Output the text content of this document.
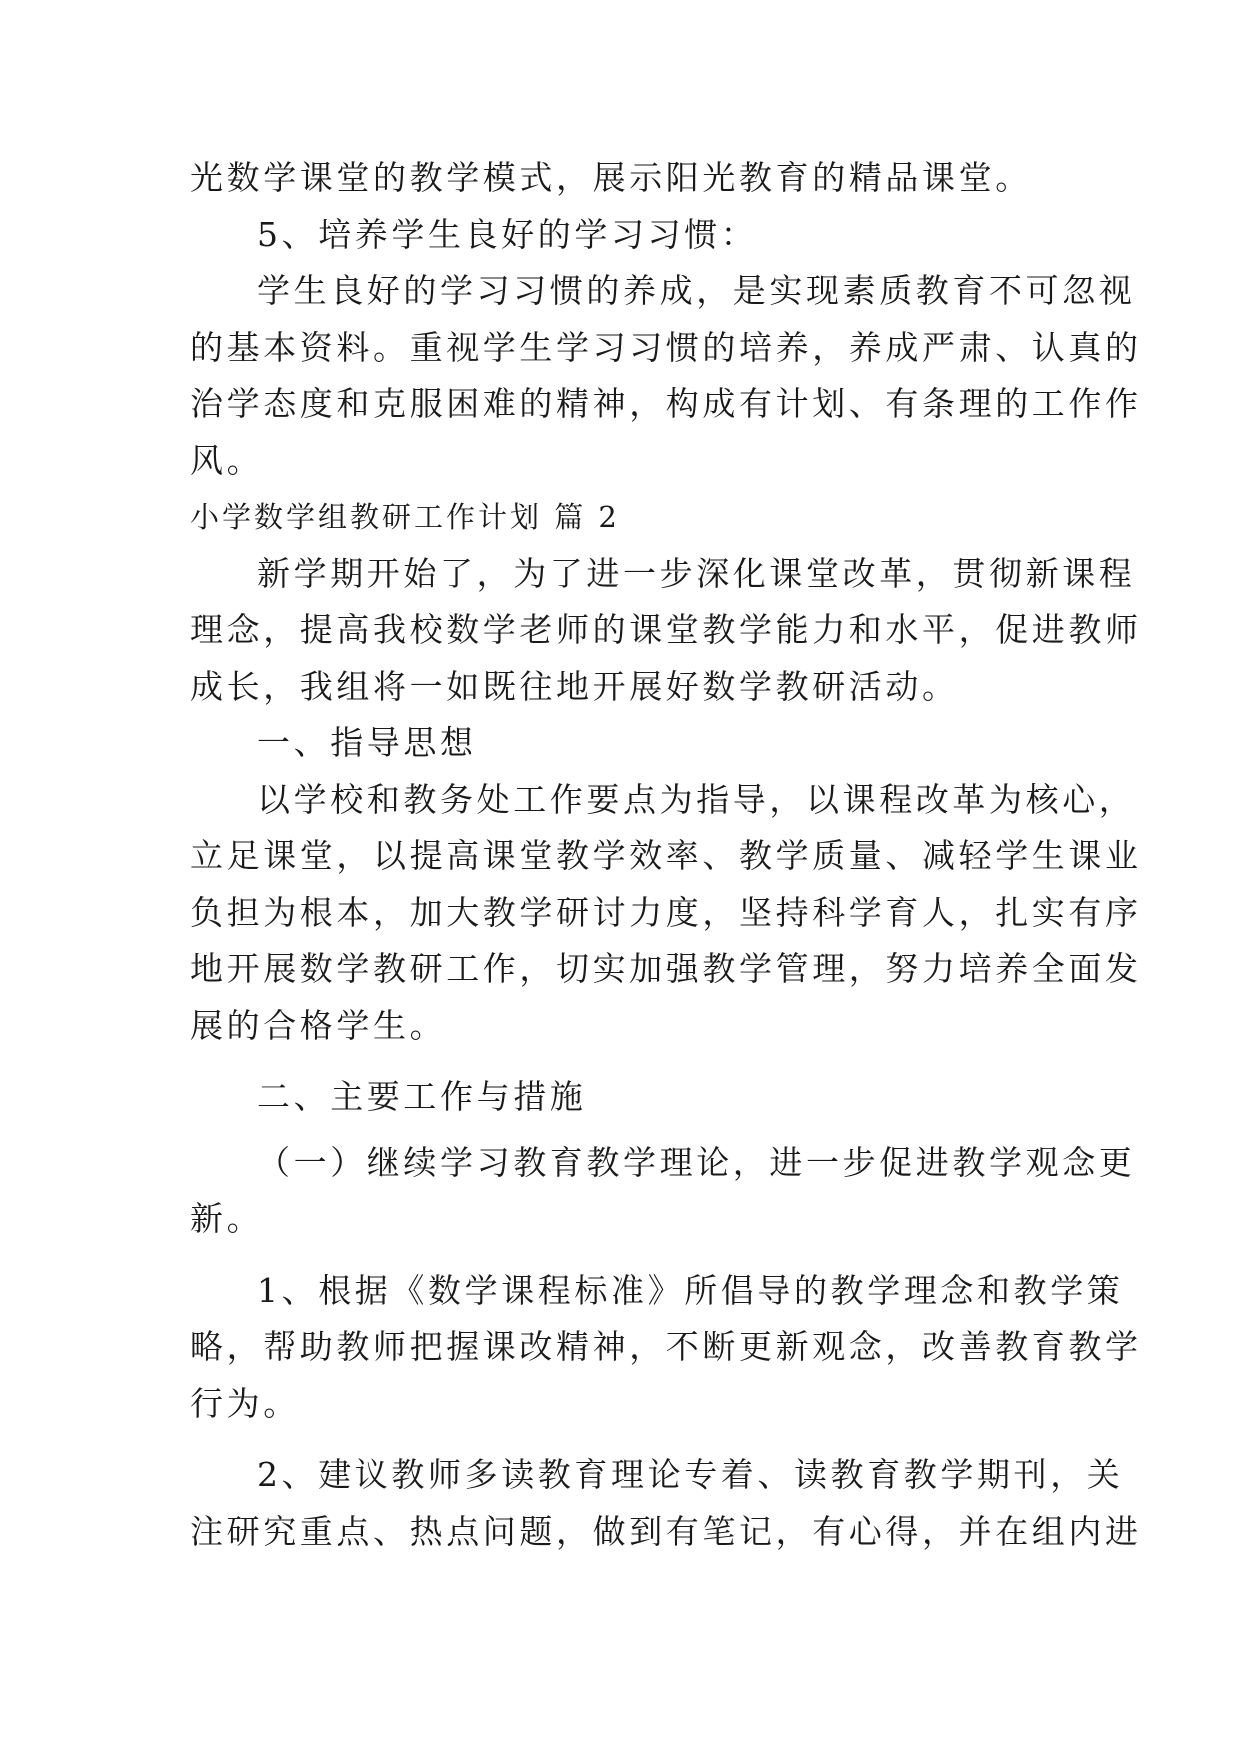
光数学课堂的教学模式，展示阳光教育的精品课堂。
5、培养学生良好的学习习惯：
学生良好的学习习惯的养成，是实现素质教育不可忽视
的基本资料。重视学生学习习惯的培养，养成严肃、认真的
治学态度和克服困难的精神，构成有计划、有条理的工作作
风。
小学数学组教研工作计划 篇 2
新学期开始了，为了进一步深化课堂改革，贯彻新课程
理念，提高我校数学老师的课堂教学能力和水平，促进教师
成长，我组将一如既往地开展好数学教研活动。
一、指导思想
以学校和教务处工作要点为指导，以课程改革为核心，
立足课堂，以提高课堂教学效率、教学质量、减轻学生课业
负担为根本，加大教学研讨力度，坚持科学育人，扎实有序
地开展数学教研工作，切实加强教学管理，努力培养全面发
展的合格学生。
二、主要工作与措施
（一）继续学习教育教学理论，进一步促进教学观念更
新。
1、根据《数学课程标准》所倡导的教学理念和教学策
略，帮助教师把握课改精神，不断更新观念，改善教育教学
行为。
2、建议教师多读教育理论专着、读教育教学期刊，关
注研究重点、热点问题，做到有笔记，有心得，并在组内进
